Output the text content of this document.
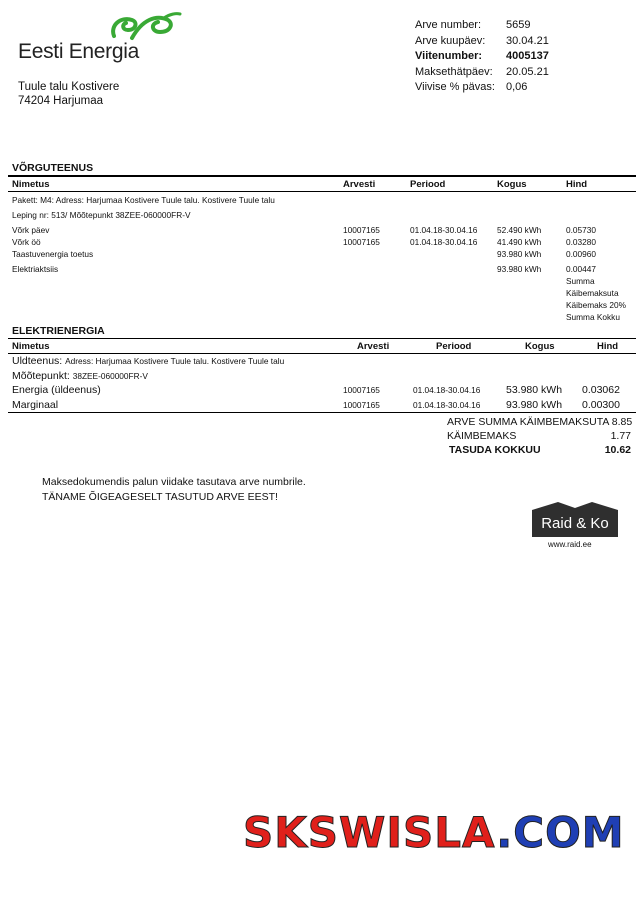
Eesti Energia
Tuule talu Kostivere
74204 Harjumaa
Arve number:	5659
Arve kuupäev:	30.04.21
Viitenumber:	4005137
Maksethätpäev:	20.05.21
Viivise % pävas:	0,06
VÕRGUTEENUS
Nimetus	Arvesti	Periood	Kogus	Hind
Pakett: M4: Adress: Harjumaa Kostivere Tuule talu. Kostivere Tuule talu
Leping nr: 513/ Mõõtepunkt 38ZEE-060000FR-V
Võrk päev	10007165	01.04.18-30.04.16 52.490 kWh	0.05730
Võrk öö	10007165	01.04.18-30.04.16 41.490 kWh	0.03280
Taastuvenergia toetus	93.980 kWh	0.00960
Elektriaktsiis	93.980 kWh	0.00447
Summa
Käibemaksuta
Käibemaks 20%
Summa Kokku
ELEKTRIENERGIA
Nimetus	Arvesti	Periood	Kogus	Hind
Uldteenus: Adress: Harjumaa Kostivere Tuule talu. Kostivere Tuule talu
Mõõtepunkt: 38ZEE-060000FR-V
Energia (üldeenus)	10007165	01.04.18-30.04.16 53.980 kWh 0.03062
Marginaal	10007165	01.04.18-30.04.16 93.980 kWh 0.00300
ARVE SUMMA KÄIMBEMAKSUTA 8.85
KÄIMBEMAKS	1.77
TASUDA KOKKUU	10.62
Maksedokumendis palun viidake tasutava arve numbrile.
TÄNAME ÕIGEAGESELT TASUTUD ARVE EEST!
Raid & Ko
www.raid.ee
SKSWISLA.COM
